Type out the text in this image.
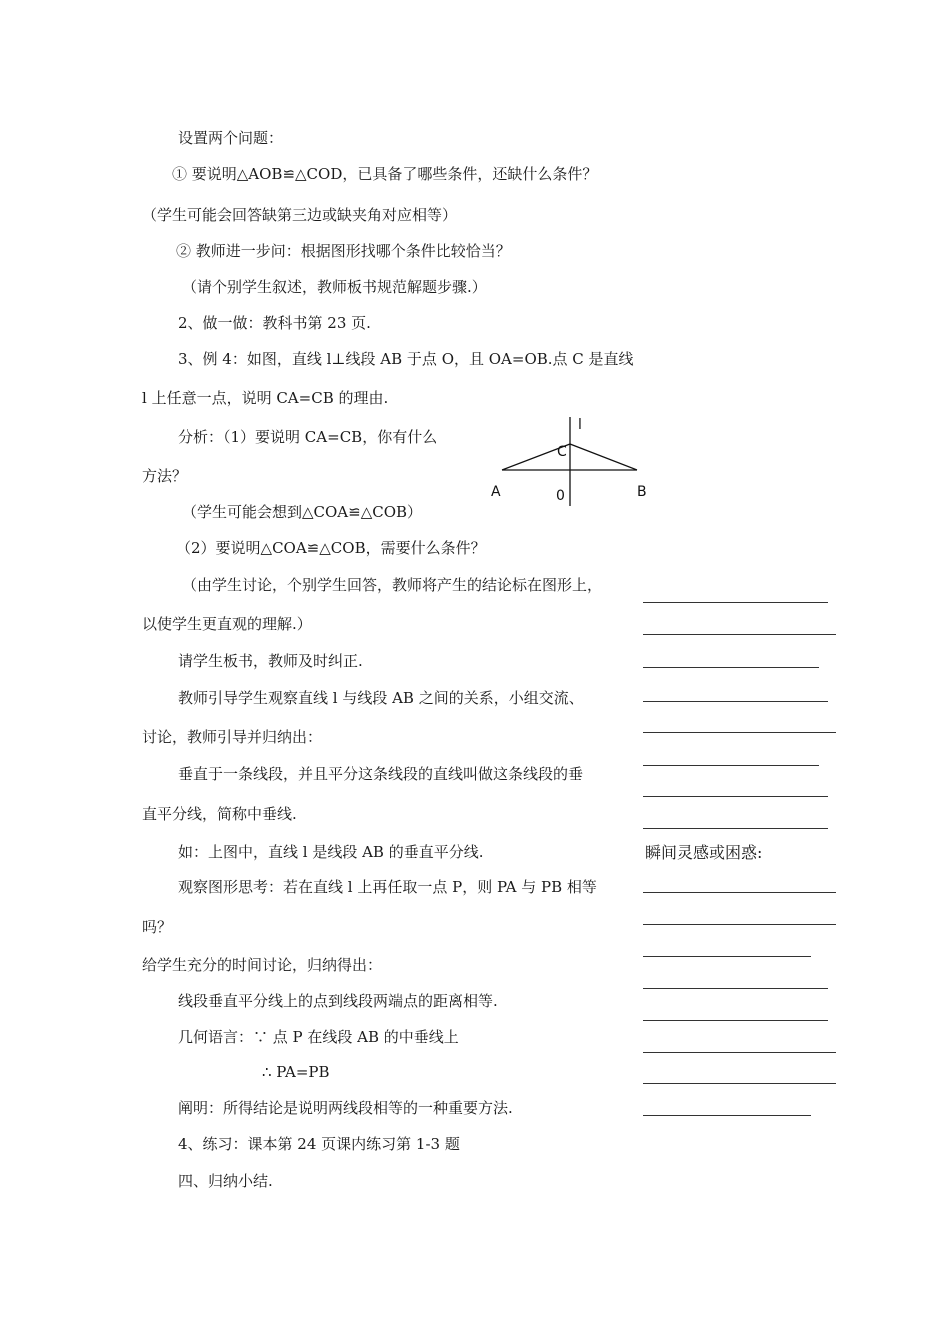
设置两个问题：
① 要说明△AOB≌△COD，已具备了哪些条件，还缺什么条件？
（学生可能会回答缺第三边或缺夹角对应相等）
② 教师进一步问：根据图形找哪个条件比较恰当？
（请个别学生叙述，教师板书规范解题步骤.）
2、做一做：教科书第 23 页.
3、例 4：如图，直线 l⊥线段 AB 于点 O，且 OA=OB.点 C 是直线
l 上任意一点，说明 CA=CB 的理由.
分析：（1）要说明 CA=CB，你有什么
方法？
（学生可能会想到△COA≌△COB）
（2）要说明△COA≌△COB，需要什么条件？
（由学生讨论，个别学生回答，教师将产生的结论标在图形上，
以使学生更直观的理解.）
请学生板书，教师及时纠正.
教师引导学生观察直线 l 与线段 AB 之间的关系，小组交流、
讨论，教师引导并归纳出：
垂直于一条线段，并且平分这条线段的直线叫做这条线段的垂
直平分线，简称中垂线.
如：上图中，直线 l 是线段 AB 的垂直平分线.
观察图形思考：若在直线 l 上再任取一点 P，则 PA 与 PB 相等
吗？
给学生充分的时间讨论，归纳得出：
线段垂直平分线上的点到线段两端点的距离相等.
几何语言：∵ 点 P 在线段 AB 的中垂线上
∴ PA=PB
阐明：所得结论是说明两线段相等的一种重要方法.
4、练习：课本第 24 页课内练习第 1-3 题
四、归纳小结.
l
C
A	0	B
瞬间灵感或困惑:
